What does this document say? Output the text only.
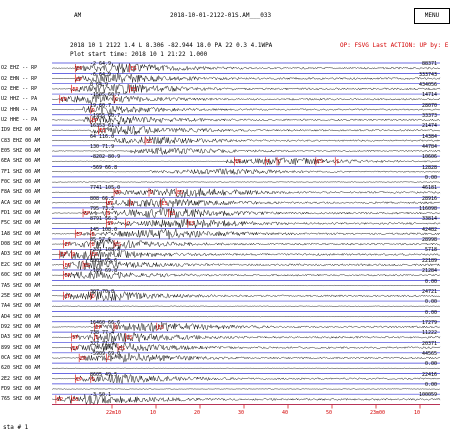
AM	2018-10-01-2122-01S.AM___033	MENU
2018 10 1 2122 1.4 L 8.306 -82.944 18.0 PA 22 0.3 4.1WPA	OP: FSVG Last ACTION: UP by: E
Plot start time: 2018 10 1 21:22 1.000
O2 EHZ -- RP
-2 64.9	88371
O2 EHN -- RP
-6 64.9	333743
O2 EHE -- RP
8 64.9	434056
U2 HHZ -- PA
-1505 60.7	14714
U2 HHN -- PA
19 60.7	28070
U2 HHE -- PA
-1955 60.7	33373
ID9 EHZ 00 AM
16353 61.7	21474
C83 EHZ 00 AM
64 116.0	14384
E05 SHZ 00 AM
130 71.9	44784
6EA SHZ 00 AM
-8202 80.9	10606
7F1 SHZ 00 AM
-569 66.8	12828
F0C SHZ 00 AM
0.00
F8A SHZ 00 AM
7741 105.0	46181
ACA SHZ 00 AM
808 66.5	28916
FD1 SHZ 00 AM
795 73.2	116098
F5C SHZ 00 AM
8791 56.3	33814
1A8 SHZ 00 AM
145 108.0	42482
D08 SHZ 00 AM
85 57.6	28998
AD3 SHZ 00 AM
-331 108.0	5718
E2C SHZ 00 AM
8001 65.6	22189
60C SHZ 00 AM
-189 69.8	21284
7A5 SHZ 00 AM
0.00
25E SHZ 00 AM
307 70.8	24721
7A4 SHZ 00 AM
0.00
AD4 SHZ 00 AM
0.00
D92 SHZ 00 AM
16460 66.6	17279
DA3 SHZ 00 AM
738 77.4	11222
899 SHZ 00 AM
327 71.9	20371
0CA SHZ 00 AM
-5909 69.0	44565
620 SHZ 00 AM
0.00
2E2 SHZ 00 AM
8605 49.5	22416
FD9 SHZ 00 AM
0.00
765 SHZ 00 AM
-3 50.1	100059
EP	ES
EP
EP	ES
EP	C
D
EP
ES
ES
EP	4 C	ES	S
EP	D	ES
EP	D	ES
EP	D	ES
EP	C	ES
EP D
EP	D	ES
EP D	ES
EP	ES
EP
EP	D
EP	D	ES
EP	D	ES
EP	ES
EP	C
EP D
EP ES
22m10	10	20	30	40	50	23m00	10
sta # 1
